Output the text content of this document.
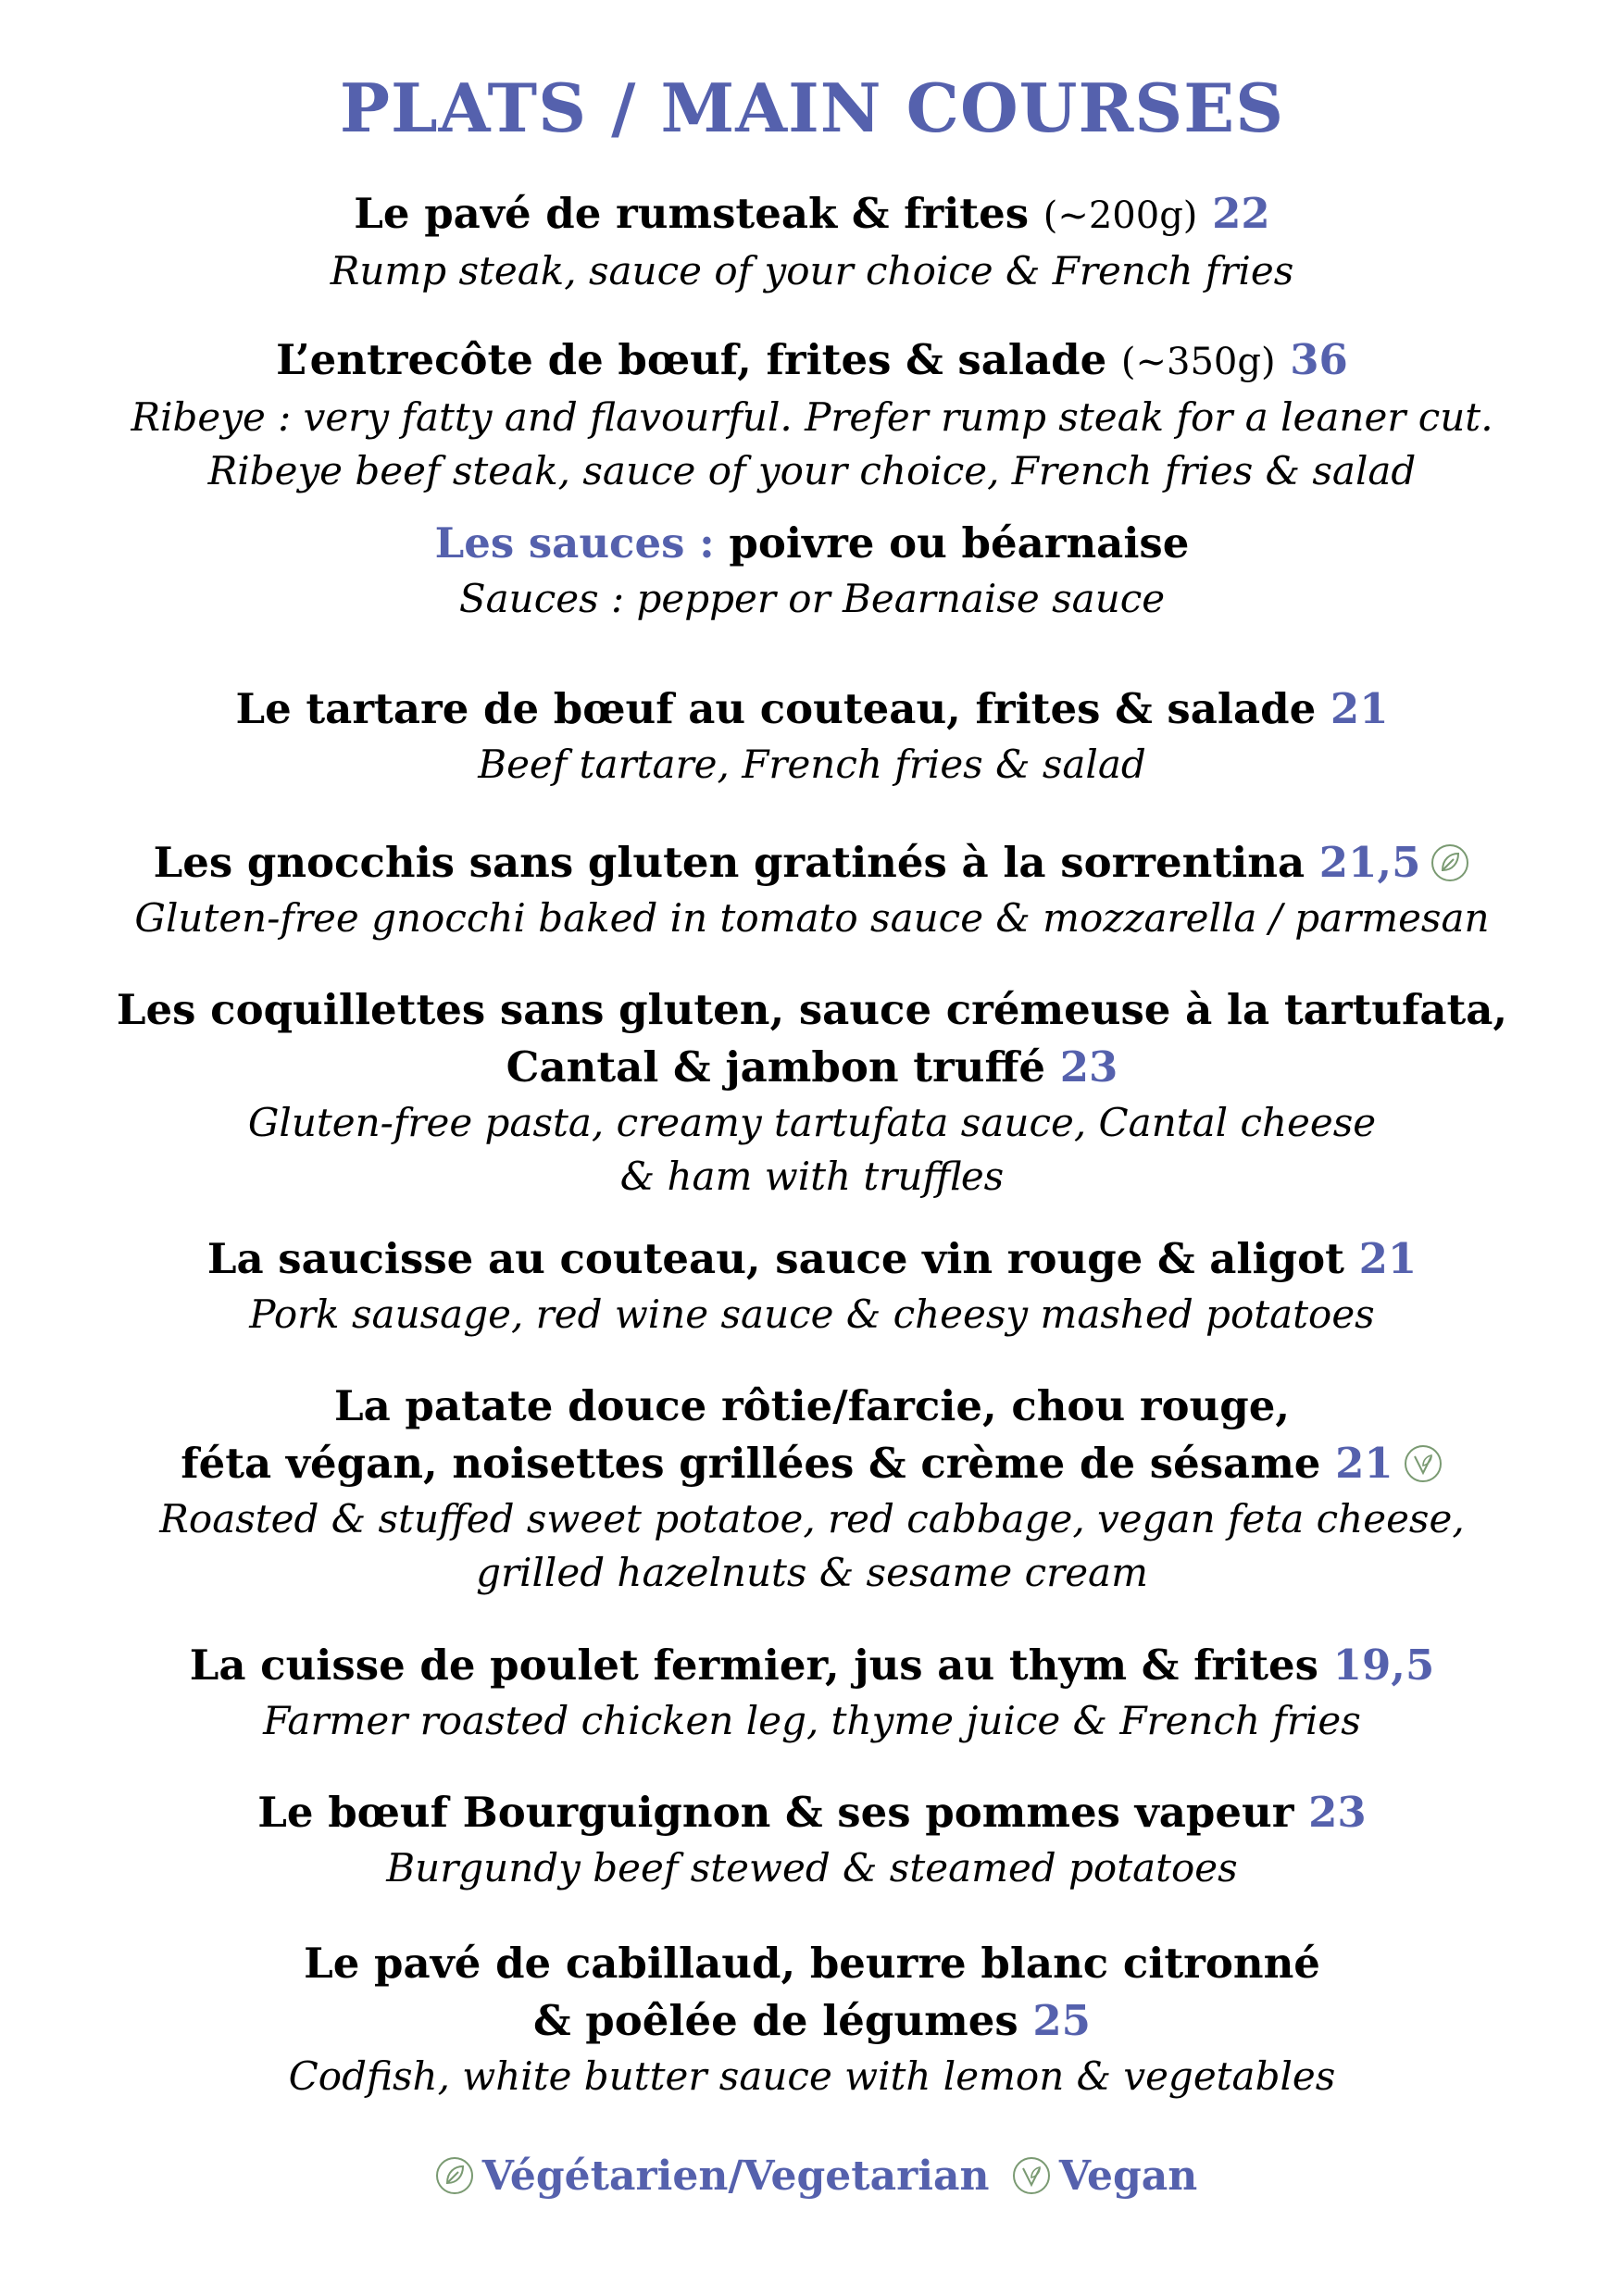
PLATS / MAIN COURSES
Le pavé de rumsteak & frites (~200g) 22
Rump steak, sauce of your choice & French fries
L’entrecôte de bœuf, frites & salade (~350g) 36
Ribeye : very fatty and flavourful. Prefer rump steak for a leaner cut.
Ribeye beef steak, sauce of your choice, French fries & salad
Les sauces : poivre ou béarnaise
Sauces : pepper or Bearnaise sauce
Le tartare de bœuf au couteau, frites & salade 21
Beef tartare, French fries & salad
Les gnocchis sans gluten gratinés à la sorrentina 21,5
Gluten-free gnocchi baked in tomato sauce & mozzarella / parmesan
Les coquillettes sans gluten, sauce crémeuse à la tartufata,
Cantal & jambon truffé 23
Gluten-free pasta, creamy tartufata sauce, Cantal cheese
& ham with truffles
La saucisse au couteau, sauce vin rouge & aligot 21
Pork sausage, red wine sauce & cheesy mashed potatoes
La patate douce rôtie/farcie, chou rouge,
féta végan, noisettes grillées & crème de sésame 21
Roasted & stuffed sweet potatoe, red cabbage, vegan feta cheese,
grilled hazelnuts & sesame cream
La cuisse de poulet fermier, jus au thym & frites 19,5
Farmer roasted chicken leg, thyme juice & French fries
Le bœuf Bourguignon & ses pommes vapeur 23
Burgundy beef stewed & steamed potatoes
Le pavé de cabillaud, beurre blanc citronné
& poêlée de légumes 25
Codfish, white butter sauce with lemon & vegetables
Végétarien/Vegetarian Vegan
